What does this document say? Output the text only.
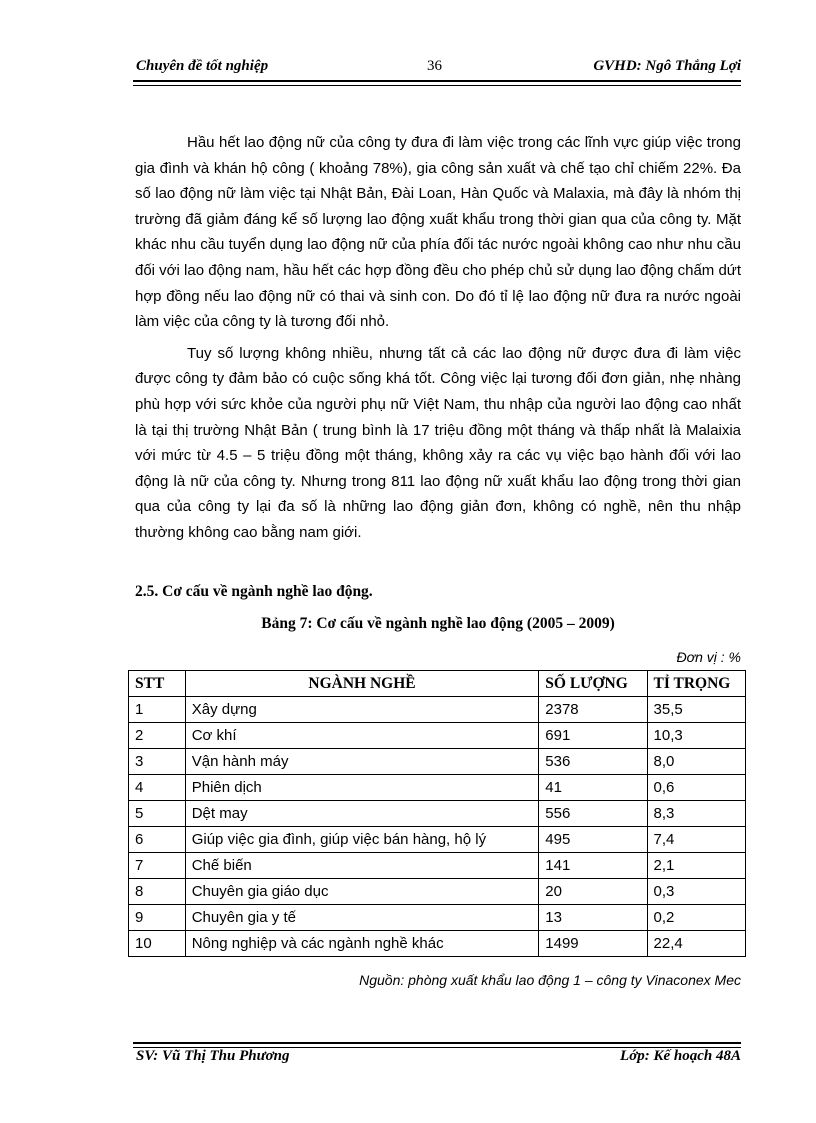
Chuyên đề tốt nghiệp	36	GVHD: Ngô Thắng Lợi

Hầu hết lao động nữ của công ty đưa đi làm việc trong các lĩnh vực giúp việc trong gia đình và khán hộ công ( khoảng 78%), gia công sản xuất và chế tạo chỉ chiếm 22%. Đa số lao động nữ làm việc tại Nhật Bản, Đài Loan, Hàn Quốc và Malaxia, mà đây là nhóm thị trường đã giảm đáng kể số lượng lao động xuất khẩu trong thời gian qua của công ty. Mặt khác nhu cầu tuyển dụng lao động nữ của phía đối tác nước ngoài không cao như nhu cầu đối với lao động nam, hầu hết các hợp đồng đều cho phép chủ sử dụng lao động chấm dứt hợp đồng nếu lao động nữ có thai và sinh con. Do đó tỉ lệ lao động nữ đưa ra nước ngoài làm việc của công ty là tương đối nhỏ.

Tuy số lượng không nhiều, nhưng tất cả các lao động nữ được đưa đi làm việc được công ty đảm bảo có cuộc sống khá tốt. Công việc lại tương đối đơn giản, nhẹ nhàng phù hợp với sức khỏe của người phụ nữ Việt Nam, thu nhập của người lao động cao nhất là tại thị trường Nhật Bản ( trung bình là 17 triệu đồng một tháng và thấp nhất là Malaixia với mức từ 4.5 – 5 triệu đồng một tháng, không xảy ra các vụ việc bạo hành đối với lao động là nữ của công ty. Nhưng trong 811 lao động nữ xuất khẩu lao động trong thời gian qua của công ty lại đa số là những lao động giản đơn, không có nghề, nên thu nhập thường không cao bằng nam giới.

2.5. Cơ cấu về ngành nghề lao động.
Bảng 7: Cơ cấu về ngành nghề lao động (2005 – 2009)
Đơn vị : %
STT	NGÀNH NGHỀ	SỐ LƯỢNG	TỈ TRỌNG
1	Xây dựng	2378	35,5
2	Cơ khí	691	10,3
3	Vận hành máy	536	8,0
4	Phiên dịch	41	0,6
5	Dệt may	556	8,3
6	Giúp việc gia đình, giúp việc bán hàng, hộ lý	495	7,4
7	Chế biến	141	2,1
8	Chuyên gia giáo dục	20	0,3
9	Chuyên gia y tế	13	0,2
10	Nông nghiệp và các ngành nghề khác	1499	22,4
Nguồn: phòng xuất khẩu lao động 1 – công ty Vinaconex Mec
SV: Vũ Thị Thu Phương	Lớp: Kế hoạch 48A
